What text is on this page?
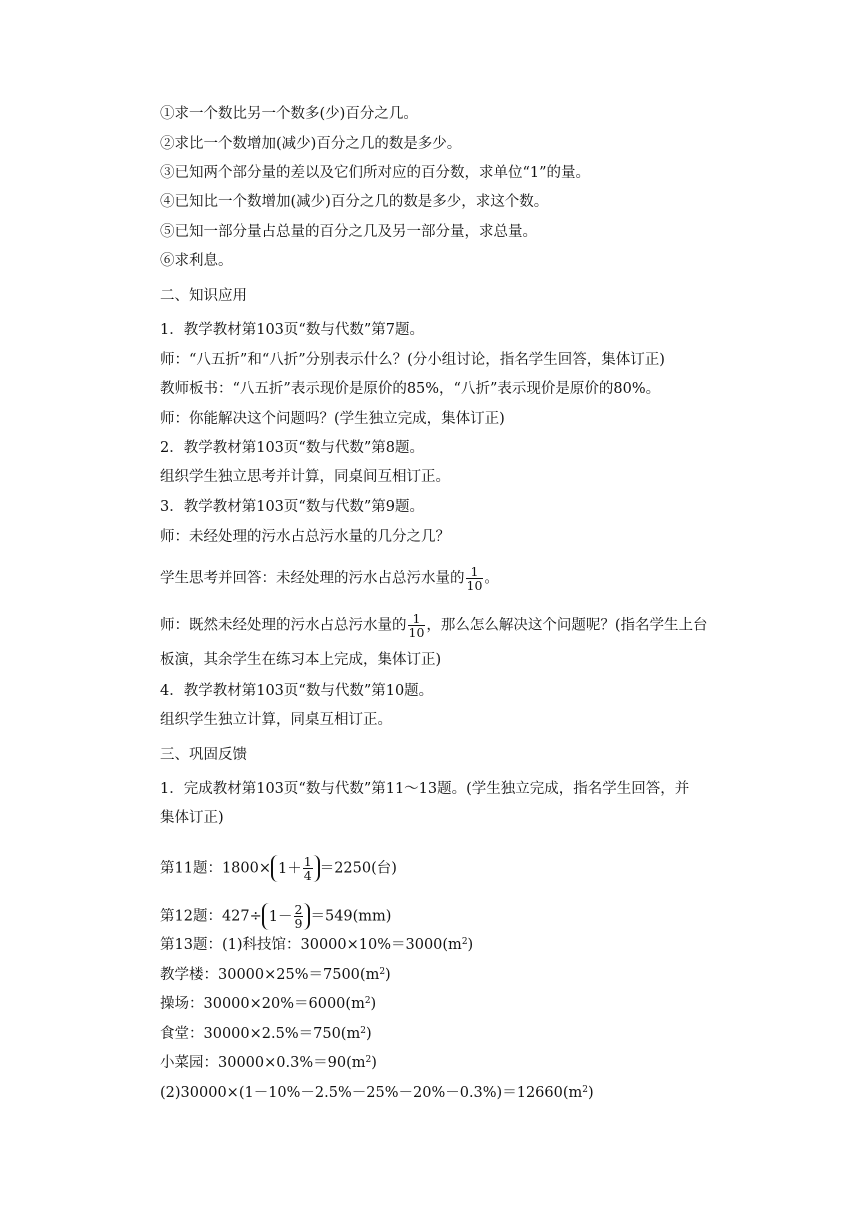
①求一个数比另一个数多(少)百分之几。
②求比一个数增加(减少)百分之几的数是多少。
③已知两个部分量的差以及它们所对应的百分数，求单位“1”的量。
④已知比一个数增加(减少)百分之几的数是多少，求这个数。
⑤已知一部分量占总量的百分之几及另一部分量，求总量。
⑥求利息。
二、知识应用
1．教学教材第103页“数与代数”第7题。
师：“八五折”和“八折”分别表示什么？(分小组讨论，指名学生回答，集体订正)
教师板书：“八五折”表示现价是原价的85%，“八折”表示现价是原价的80%。
师：你能解决这个问题吗？(学生独立完成，集体订正)
2．教学教材第103页“数与代数”第8题。
组织学生独立思考并计算，同桌间互相订正。
3．教学教材第103页“数与代数”第9题。
师：未经处理的污水占总污水量的几分之几？
学生思考并回答：未经处理的污水占总污水量的 $\frac{1}{10}$ 。
师：既然未经处理的污水占总污水量的 $\frac{1}{10}$ ，那么怎么解决这个问题呢？(指名学生上台
板演，其余学生在练习本上完成，集体订正)
4．教学教材第103页“数与代数”第10题。
组织学生独立计算，同桌互相订正。
三、巩固反馈
1．完成教材第103页“数与代数”第11～13题。(学生独立完成，指名学生回答，并
集体订正)
第11题：$1800\times 1+ \frac{1}{4} =2250$(台)
第12题：$427\div 1- \frac{2}{9} =549(mm)$
第13题：(1)科技馆：$30000\times 10\%=3000(m^2)$
教学楼：$30000\times 25\%=7500(m^2)$
操场：$30000\times 20\%=6000(m^2)$
食堂：$30000\times 2.5\%=750(m^2)$
小菜园：$30000\times 0.3\%=90(m^2)$
$(2)30000\times(1-10\%-2.5\%-25\%-20\%-0.3\%)=12660(m^2)$
